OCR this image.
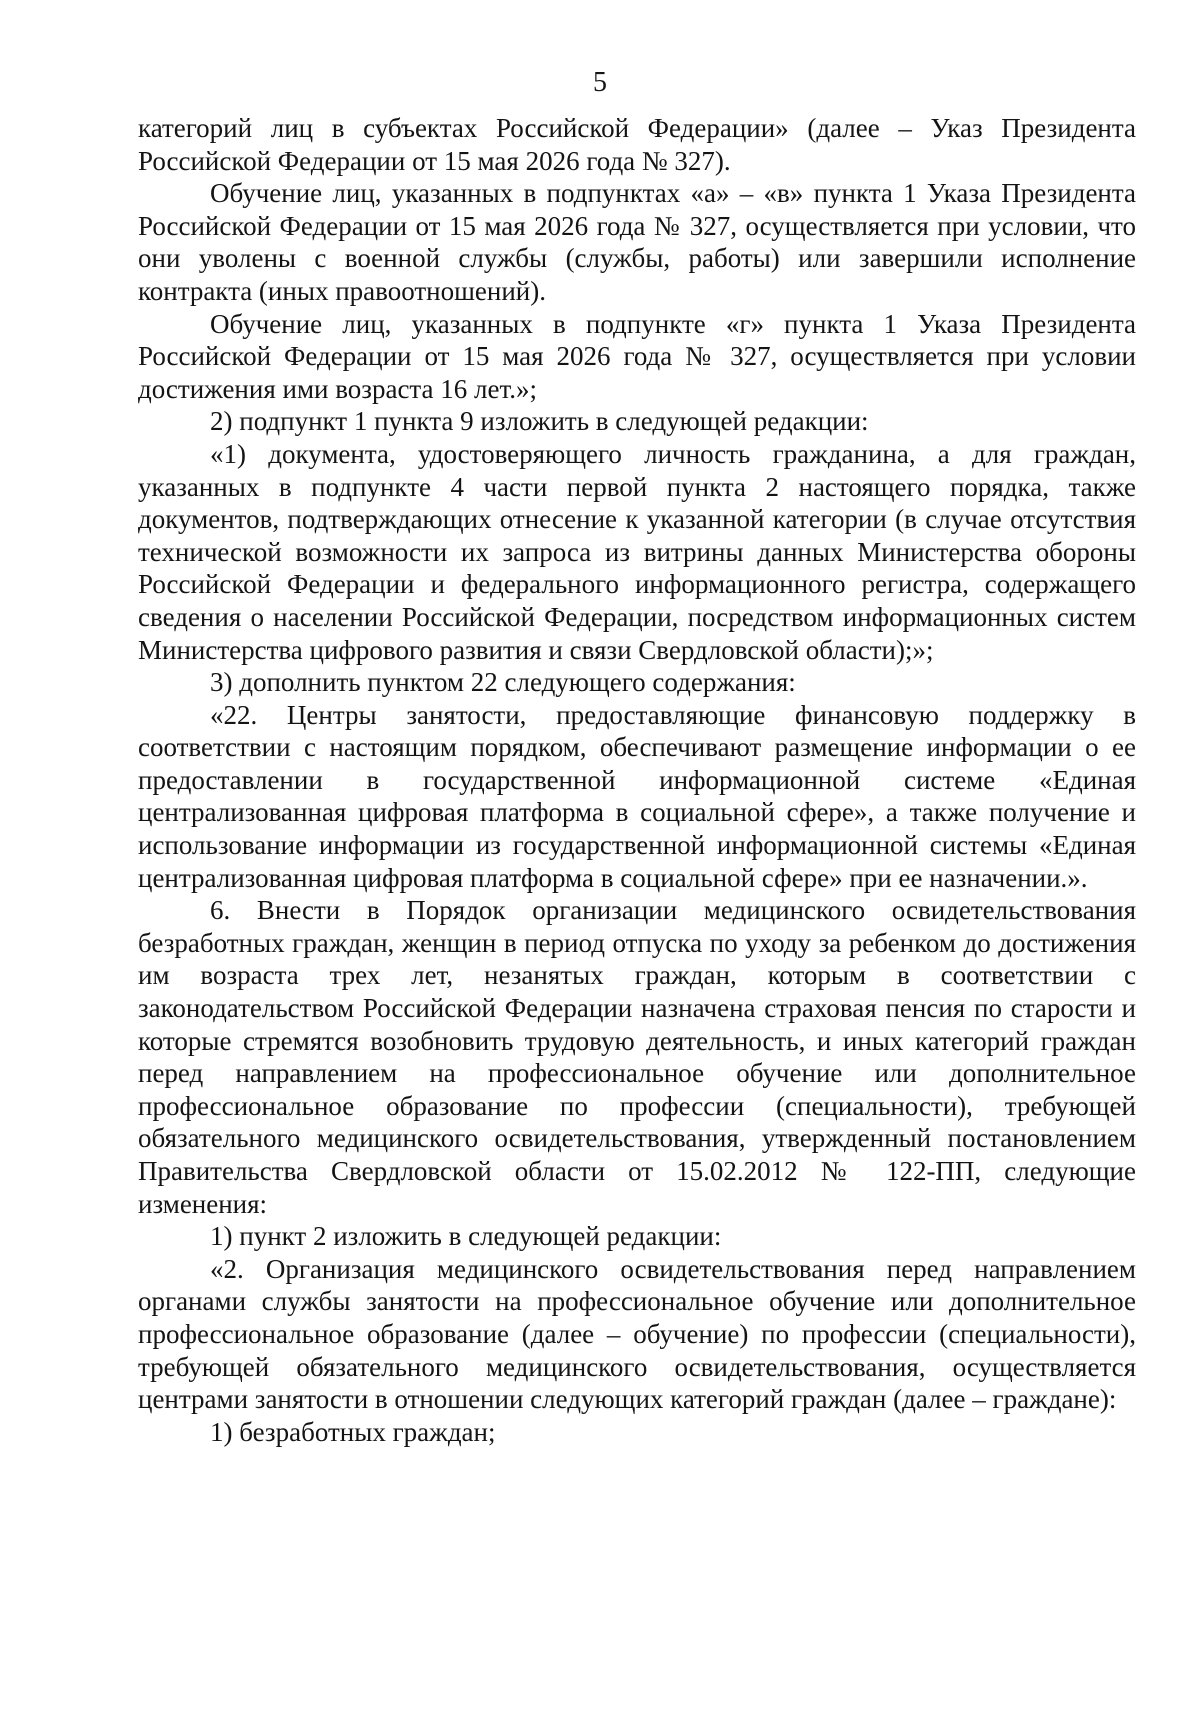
5

категорий лиц в субъектах Российской Федерации» (далее – Указ Президента Российской Федерации от 15 мая 2026 года № 327).

Обучение лиц, указанных в подпунктах «а» – «в» пункта 1 Указа Президента Российской Федерации от 15 мая 2026 года № 327, осуществляется при условии, что они уволены с военной службы (службы, работы) или завершили исполнение контракта (иных правоотношений).

Обучение лиц, указанных в подпункте «г» пункта 1 Указа Президента Российской Федерации от 15 мая 2026 года № 327, осуществляется при условии достижения ими возраста 16 лет.»;

2) подпункт 1 пункта 9 изложить в следующей редакции:

«1) документа, удостоверяющего личность гражданина, а для граждан, указанных в подпункте 4 части первой пункта 2 настоящего порядка, также документов, подтверждающих отнесение к указанной категории (в случае отсутствия технической возможности их запроса из витрины данных Министерства обороны Российской Федерации и федерального информационного регистра, содержащего сведения о населении Российской Федерации, посредством информационных систем Министерства цифрового развития и связи Свердловской области);»;

3) дополнить пунктом 22 следующего содержания:

«22. Центры занятости, предоставляющие финансовую поддержку в соответствии с настоящим порядком, обеспечивают размещение информации о ее предоставлении в государственной информационной системе «Единая централизованная цифровая платформа в социальной сфере», а также получение и использование информации из государственной информационной системы «Единая централизованная цифровая платформа в социальной сфере» при ее назначении.».

6. Внести в Порядок организации медицинского освидетельствования безработных граждан, женщин в период отпуска по уходу за ребенком до достижения им возраста трех лет, незанятых граждан, которым в соответствии с законодательством Российской Федерации назначена страховая пенсия по старости и которые стремятся возобновить трудовую деятельность, и иных категорий граждан перед направлением на профессиональное обучение или дополнительное профессиональное образование по профессии (специальности), требующей обязательного медицинского освидетельствования, утвержденный постановлением Правительства Свердловской области от 15.02.2012 № 122-ПП, следующие изменения:

1) пункт 2 изложить в следующей редакции:

«2. Организация медицинского освидетельствования перед направлением органами службы занятости на профессиональное обучение или дополнительное профессиональное образование (далее – обучение) по профессии (специальности), требующей обязательного медицинского освидетельствования, осуществляется центрами занятости в отношении следующих категорий граждан (далее – граждане):

1) безработных граждан;
